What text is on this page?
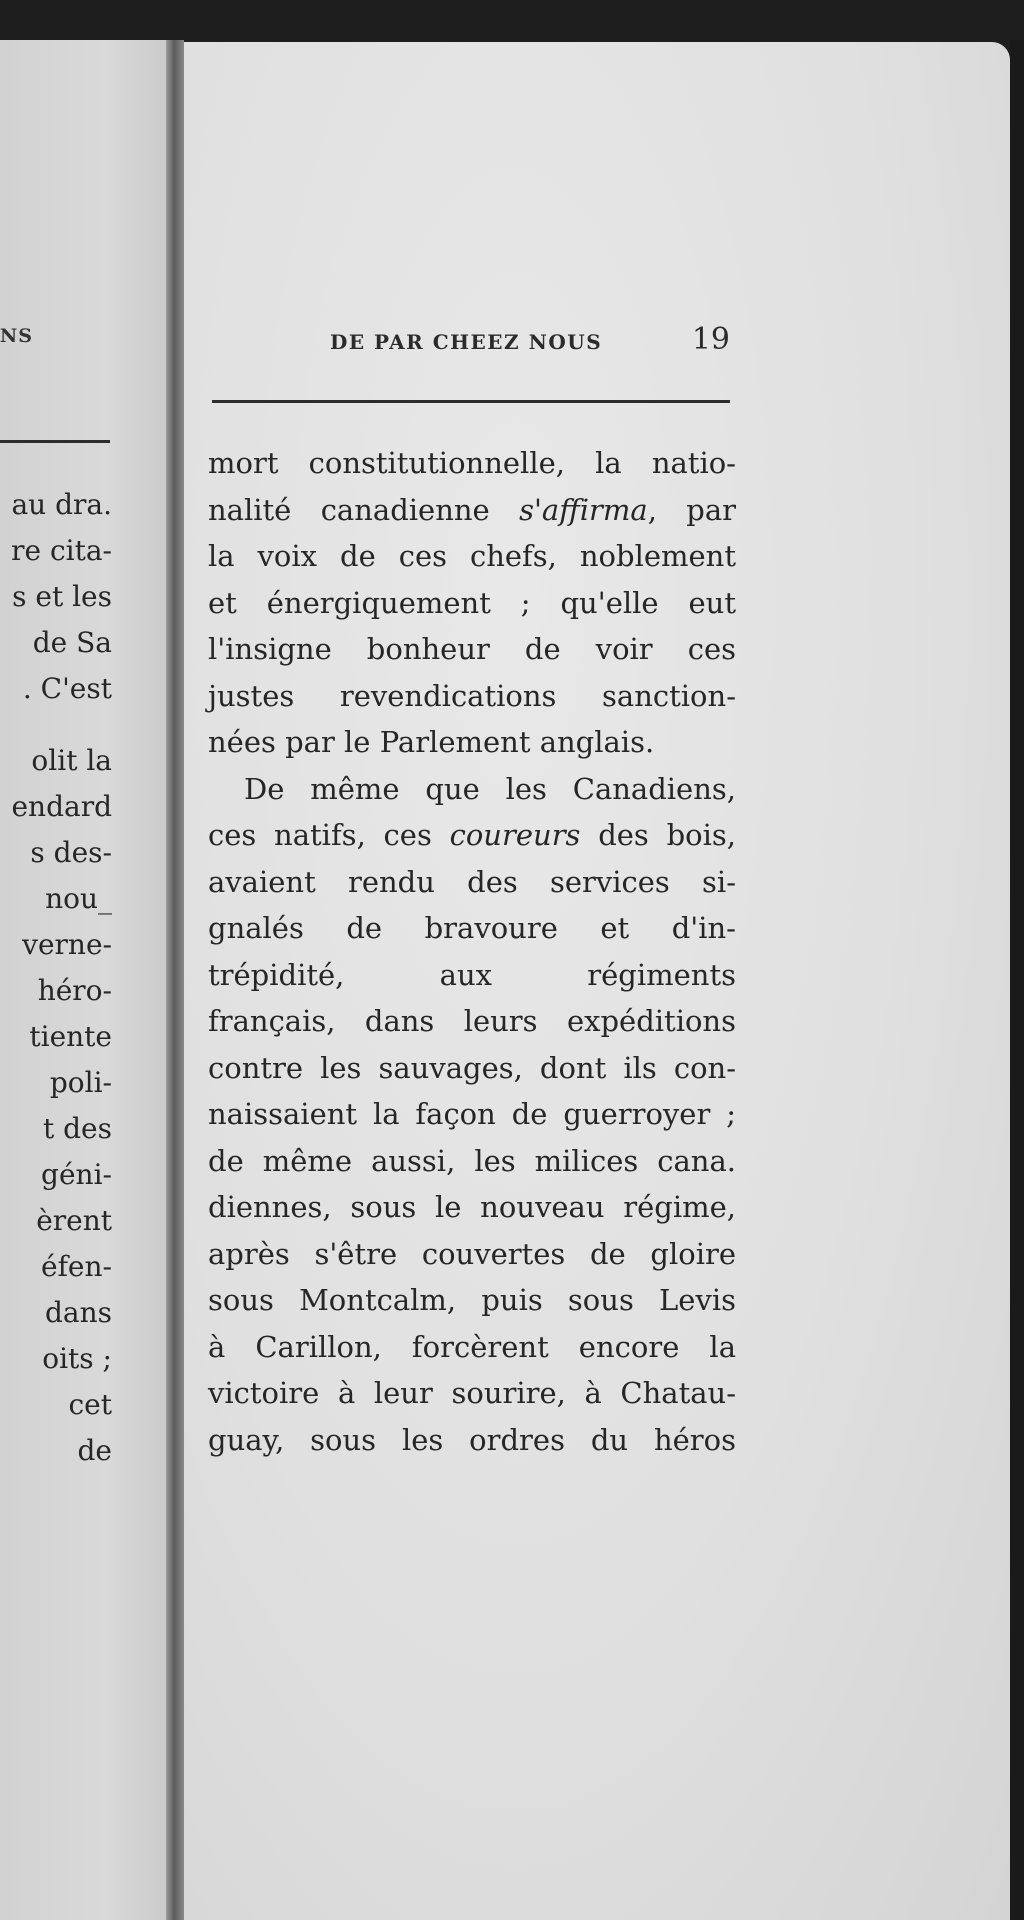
NS
au dra.
re cita-
s et les
de Sa
. C'est
olit la
endard
s des-
nou_
verne-
héro-
tiente
poli-
t des
géni-
èrent
éfen-
dans
oits ;
cet
de
DE PAR CHEEZ NOUS	19
mort constitutionnelle, la natio-
nalité canadienne s'affirma, par
la voix de ces chefs, noblement
et énergiquement ; qu'elle eut
l'insigne bonheur de voir ces
justes revendications sanction-
nées par le Parlement anglais.
De même que les Canadiens,
ces natifs, ces coureurs des bois,
avaient rendu des services si-
gnalés de bravoure et d'in-
trépidité, aux régiments
français, dans leurs expéditions
contre les sauvages, dont ils con-
naissaient la façon de guerroyer ;
de même aussi, les milices cana.
diennes, sous le nouveau régime,
après s'être couvertes de gloire
sous Montcalm, puis sous Levis
à Carillon, forcèrent encore la
victoire à leur sourire, à Chatau-
guay, sous les ordres du héros
